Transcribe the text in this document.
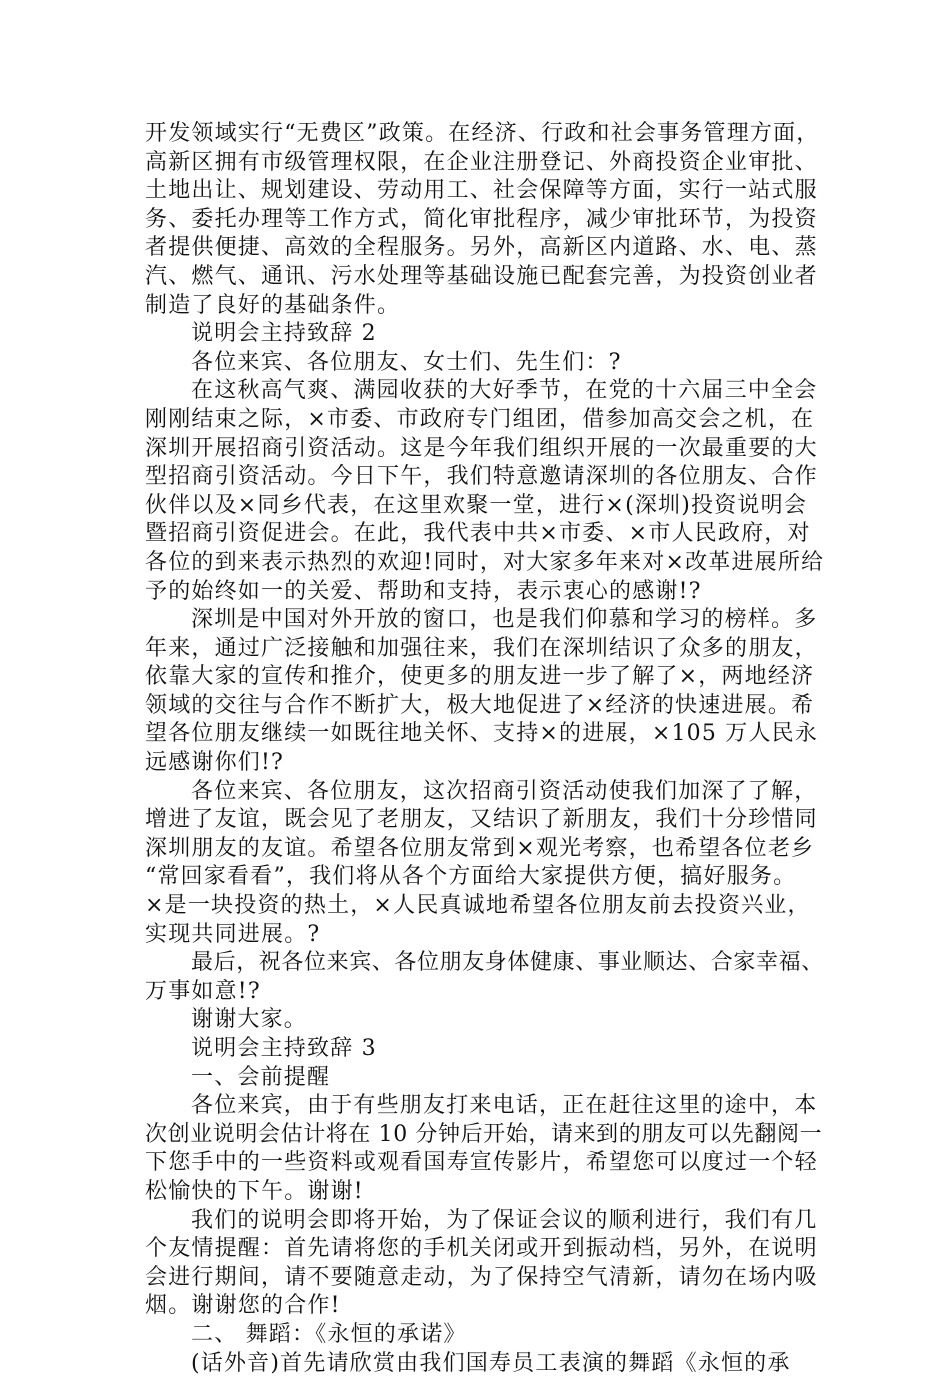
开发领域实行“无费区”政策。在经济、行政和社会事务管理方面，
高新区拥有市级管理权限，在企业注册登记、外商投资企业审批、
土地出让、规划建设、劳动用工、社会保障等方面，实行一站式服
务、委托办理等工作方式，简化审批程序，减少审批环节，为投资
者提供便捷、高效的全程服务。另外，高新区内道路、水、电、蒸
汽、燃气、通讯、污水处理等基础设施已配套完善，为投资创业者
制造了良好的基础条件。
说明会主持致辞 2
各位来宾、各位朋友、女士们、先生们：?
在这秋高气爽、满园收获的大好季节，在党的十六届三中全会
刚刚结束之际，×市委、市政府专门组团，借参加高交会之机，在
深圳开展招商引资活动。这是今年我们组织开展的一次最重要的大
型招商引资活动。今日下午，我们特意邀请深圳的各位朋友、合作
伙伴以及×同乡代表，在这里欢聚一堂，进行×(深圳)投资说明会
暨招商引资促进会。在此，我代表中共×市委、×市人民政府，对
各位的到来表示热烈的欢迎!同时，对大家多年来对×改革进展所给
予的始终如一的关爱、帮助和支持，表示衷心的感谢!?
深圳是中国对外开放的窗口，也是我们仰慕和学习的榜样。多
年来，通过广泛接触和加强往来，我们在深圳结识了众多的朋友，
依靠大家的宣传和推介，使更多的朋友进一步了解了×，两地经济
领域的交往与合作不断扩大，极大地促进了×经济的快速进展。希
望各位朋友继续一如既往地关怀、支持×的进展，×105 万人民永
远感谢你们!?
各位来宾、各位朋友，这次招商引资活动使我们加深了了解，
增进了友谊，既会见了老朋友，又结识了新朋友，我们十分珍惜同
深圳朋友的友谊。希望各位朋友常到×观光考察，也希望各位老乡
“常回家看看”，我们将从各个方面给大家提供方便，搞好服务。
×是一块投资的热土，×人民真诚地希望各位朋友前去投资兴业，
实现共同进展。?
最后，祝各位来宾、各位朋友身体健康、事业顺达、合家幸福、
万事如意!?
谢谢大家。
说明会主持致辞 3
一、会前提醒
各位来宾，由于有些朋友打来电话，正在赶往这里的途中，本
次创业说明会估计将在 10 分钟后开始，请来到的朋友可以先翻阅一
下您手中的一些资料或观看国寿宣传影片，希望您可以度过一个轻
松愉快的下午。谢谢!
我们的说明会即将开始，为了保证会议的顺利进行，我们有几
个友情提醒：首先请将您的手机关闭或开到振动档，另外，在说明
会进行期间，请不要随意走动，为了保持空气清新，请勿在场内吸
烟。谢谢您的合作!
二、 舞蹈：《永恒的承诺》
(话外音)首先请欣赏由我们国寿员工表演的舞蹈《永恒的承
